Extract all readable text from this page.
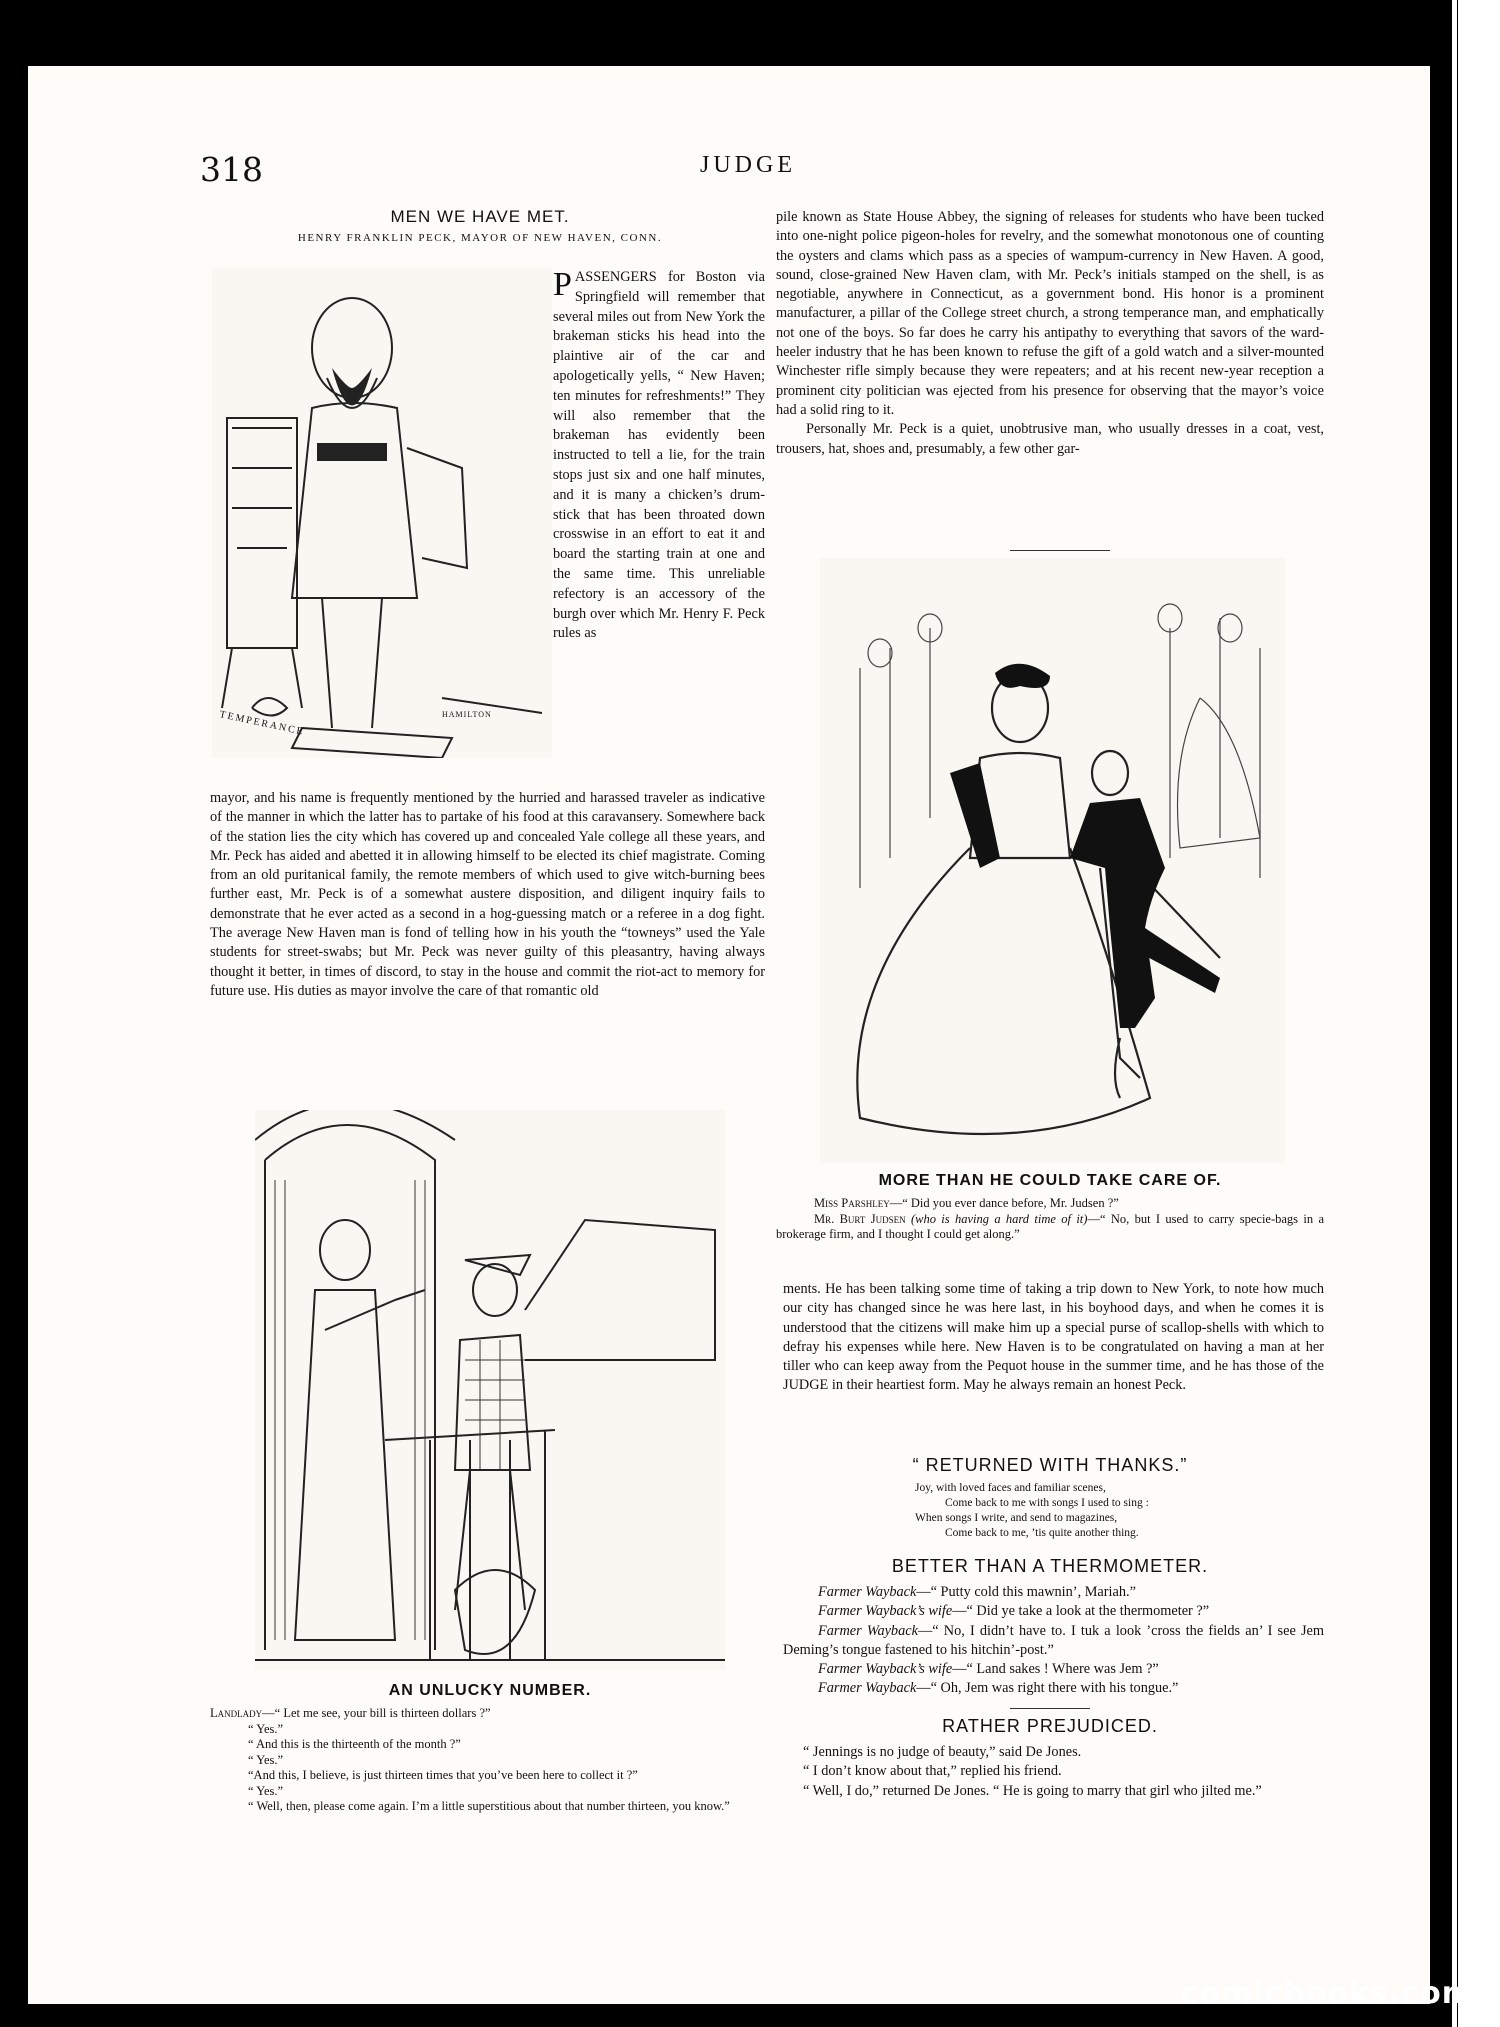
318	JUDGE
MEN WE HAVE MET.
HENRY FRANKLIN PECK, MAYOR OF NEW HAVEN, CONN.
TEMPERANCE	HAMILTON
PASSENGERS for Boston via Springfield will remember that several miles out from New York the brakeman sticks his head into the plaintive air of the car and apologetically yells, “ New Haven; ten minutes for refreshments!” They will also remember that the brakeman has evidently been instructed to tell a lie, for the train stops just six and one half minutes, and it is many a chicken’s drum-stick that has been throated down crosswise in an effort to eat it and board the starting train at one and the same time. This unreliable refectory is an accessory of the burgh over which Mr. Henry F. Peck rules as
mayor, and his name is frequently mentioned by the hurried and harassed traveler as indicative of the manner in which the latter has to partake of his food at this caravansery. Somewhere back of the station lies the city which has covered up and concealed Yale college all these years, and Mr. Peck has aided and abetted it in allowing himself to be elected its chief magistrate. Coming from an old puritanical family, the remote members of which used to give witch-burning bees further east, Mr. Peck is of a somewhat austere disposition, and diligent inquiry fails to demonstrate that he ever acted as a second in a hog-guessing match or a referee in a dog fight. The average New Haven man is fond of telling how in his youth the “towneys” used the Yale students for street-swabs; but Mr. Peck was never guilty of this pleasantry, having always thought it better, in times of discord, to stay in the house and commit the riot-act to memory for future use. His duties as mayor involve the care of that romantic old
AN UNLUCKY NUMBER.
Landlady—“ Let me see, your bill is thirteen dollars ?”
“ Yes.”
“ And this is the thirteenth of the month ?”
“ Yes.”
“And this, I believe, is just thirteen times that you’ve been here to collect it ?”
“ Yes.”
“ Well, then, please come again. I’m a little superstitious about that number thirteen, you know.”

pile known as State House Abbey, the signing of releases for students who have been tucked into one-night police pigeon-holes for revelry, and the somewhat monotonous one of counting the oysters and clams which pass as a species of wampum-currency in New Haven. A good, sound, close-grained New Haven clam, with Mr. Peck’s initials stamped on the shell, is as negotiable, anywhere in Connecticut, as a government bond. His honor is a prominent manufacturer, a pillar of the College street church, a strong temperance man, and emphatically not one of the boys. So far does he carry his antipathy to everything that savors of the ward-heeler industry that he has been known to refuse the gift of a gold watch and a silver-mounted Winchester rifle simply because they were repeaters; and at his recent new-year reception a prominent city politician was ejected from his presence for observing that the mayor’s voice had a solid ring to it.

Personally Mr. Peck is a quiet, unobtrusive man, who usually dresses in a coat, vest, trousers, hat, shoes and, presumably, a few other gar-

MORE THAN HE COULD TAKE CARE OF.
Miss Parshley—“ Did you ever dance before, Mr. Judsen ?”
Mr. Burt Judsen (who is having a hard time of it)—“ No, but I used to carry specie-bags in a brokerage firm, and I thought I could get along.”
ments. He has been talking some time of taking a trip down to New York, to note how much our city has changed since he was here last, in his boyhood days, and when he comes it is understood that the citizens will make him up a special purse of scallop-shells with which to defray his expenses while here. New Haven is to be congratulated on having a man at her tiller who can keep away from the Pequot house in the summer time, and he has those of the JUDGE in their heartiest form. May he always remain an honest Peck.
“ RETURNED WITH THANKS.”
Joy, with loved faces and familiar scenes,
Come back to me with songs I used to sing :
When songs I write, and send to magazines,
Come back to me, ’tis quite another thing.
BETTER THAN A THERMOMETER.
Farmer Wayback—“ Putty cold this mawnin’, Mariah.”
Farmer Wayback’s wife—“ Did ye take a look at the thermometer ?”
Farmer Wayback—“ No, I didn’t have to. I tuk a look ’cross the fields an’ I see Jem Deming’s tongue fastened to his hitchin’-post.”
Farmer Wayback’s wife—“ Land sakes ! Where was Jem ?”
Farmer Wayback—“ Oh, Jem was right there with his tongue.”
RATHER PREJUDICED.
“ Jennings is no judge of beauty,” said De Jones.
“ I don’t know about that,” replied his friend.
“ Well, I do,” returned De Jones. “ He is going to marry that girl who jilted me.”
comicbooks.com
